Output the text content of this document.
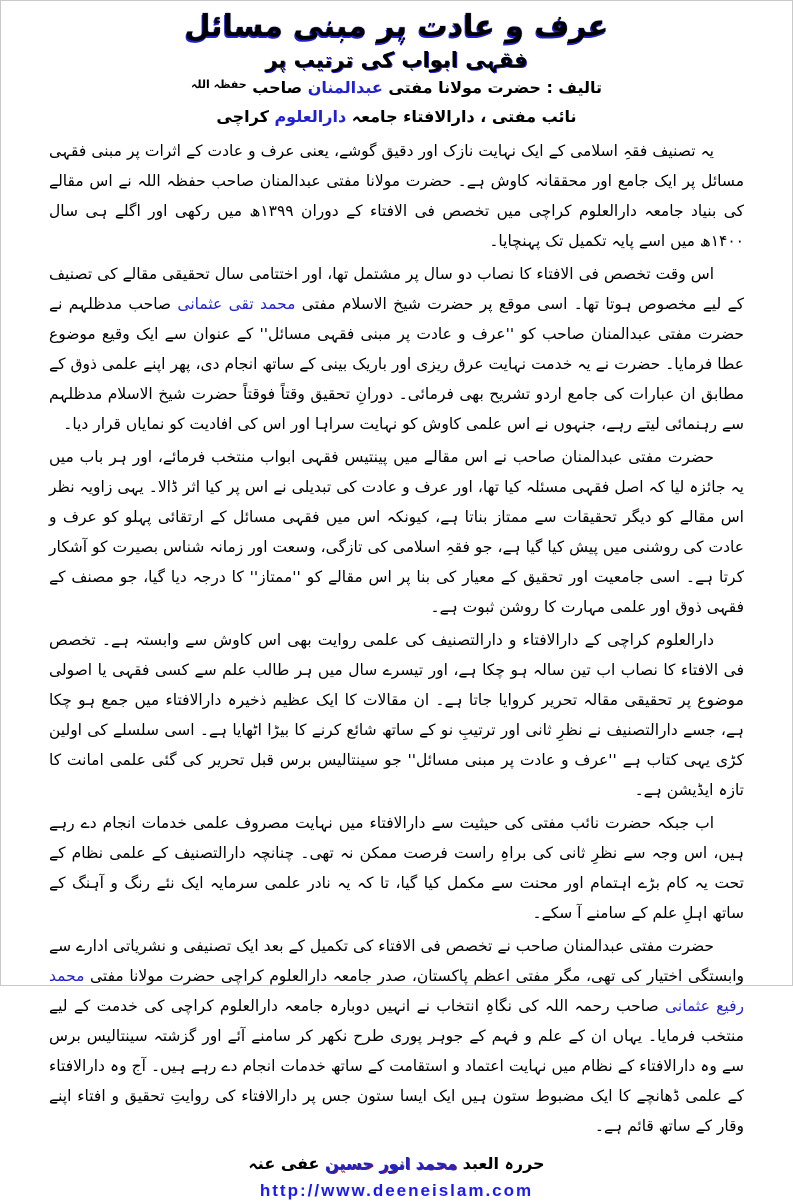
عرف و عادت پر مبنی مسائل
فقہی ابواب کی ترتیب پر
تالیف : حضرت مولانا مفتی عبدالمنان صاحب $^{حفظہ اللہ}$
نائب مفتی ، دارالافتاء جامعہ دارالعلوم کراچی

یہ تصنیف فقہِ اسلامی کے ایک نہایت نازک اور دقیق گوشے، یعنی عرف و عادت کے اثرات پر مبنی فقہی مسائل پر ایک جامع اور محققانہ کاوش ہے۔ حضرت مولانا مفتی عبدالمنان صاحب حفظہ اللہ نے اس مقالے کی بنیاد جامعہ دارالعلوم کراچی میں تخصص فی الافتاء کے دوران ۱۳۹۹ھ میں رکھی اور اگلے ہی سال ۱۴۰۰ھ میں اسے پایہ تکمیل تک پہنچایا۔

اس وقت تخصص فی الافتاء کا نصاب دو سال پر مشتمل تھا، اور اختتامی سال تحقیقی مقالے کی تصنیف کے لیے مخصوص ہوتا تھا۔ اسی موقع پر حضرت شیخ الاسلام مفتی محمد تقی عثمانی صاحب مدظلہم نے حضرت مفتی عبدالمنان صاحب کو ''عرف و عادت پر مبنی فقہی مسائل'' کے عنوان سے ایک وقیع موضوع عطا فرمایا۔ حضرت نے یہ خدمت نہایت عرق ریزی اور باریک بینی کے ساتھ انجام دی، پھر اپنے علمی ذوق کے مطابق ان عبارات کی جامع اردو تشریح بھی فرمائی۔ دورانِ تحقیق وقتاً فوقتاً حضرت شیخ الاسلام مدظلہم سے رہنمائی لیتے رہے، جنہوں نے اس علمی کاوش کو نہایت سراہا اور اس کی افادیت کو نمایاں قرار دیا۔

حضرت مفتی عبدالمنان صاحب نے اس مقالے میں پینتیس فقہی ابواب منتخب فرمائے، اور ہر باب میں یہ جائزہ لیا کہ اصل فقہی مسئلہ کیا تھا، اور عرف و عادت کی تبدیلی نے اس پر کیا اثر ڈالا۔ یہی زاویہ نظر اس مقالے کو دیگر تحقیقات سے ممتاز بناتا ہے، کیونکہ اس میں فقہی مسائل کے ارتقائی پہلو کو عرف و عادت کی روشنی میں پیش کیا گیا ہے، جو فقہِ اسلامی کی تازگی، وسعت اور زمانہ شناس بصیرت کو آشکار کرتا ہے۔ اسی جامعیت اور تحقیق کے معیار کی بنا پر اس مقالے کو ''ممتاز'' کا درجہ دیا گیا، جو مصنف کے فقہی ذوق اور علمی مہارت کا روشن ثبوت ہے۔

دارالعلوم کراچی کے دارالافتاء و دارالتصنیف کی علمی روایت بھی اس کاوش سے وابستہ ہے۔ تخصص فی الافتاء کا نصاب اب تین سالہ ہو چکا ہے، اور تیسرے سال میں ہر طالب علم سے کسی فقہی یا اصولی موضوع پر تحقیقی مقالہ تحریر کروایا جاتا ہے۔ ان مقالات کا ایک عظیم ذخیرہ دارالافتاء میں جمع ہو چکا ہے، جسے دارالتصنیف نے نظرِ ثانی اور ترتیبِ نو کے ساتھ شائع کرنے کا بیڑا اٹھایا ہے۔ اسی سلسلے کی اولین کڑی یہی کتاب ہے ''عرف و عادت پر مبنی مسائل'' جو سینتالیس برس قبل تحریر کی گئی علمی امانت کا تازہ ایڈیشن ہے۔

اب جبکہ حضرت نائب مفتی کی حیثیت سے دارالافتاء میں نہایت مصروف علمی خدمات انجام دے رہے ہیں، اس وجہ سے نظرِ ثانی کی براہِ راست فرصت ممکن نہ تھی۔ چنانچہ دارالتصنیف کے علمی نظام کے تحت یہ کام بڑے اہتمام اور محنت سے مکمل کیا گیا، تا کہ یہ نادر علمی سرمایہ ایک نئے رنگ و آہنگ کے ساتھ اہلِ علم کے سامنے آ سکے۔

حضرت مفتی عبدالمنان صاحب نے تخصص فی الافتاء کی تکمیل کے بعد ایک تصنیفی و نشریاتی ادارے سے وابستگی اختیار کی تھی، مگر مفتی اعظم پاکستان، صدر جامعہ دارالعلوم کراچی حضرت مولانا مفتی محمد رفیع عثمانی صاحب رحمہ اللہ کی نگاہِ انتخاب نے انہیں دوبارہ جامعہ دارالعلوم کراچی کی خدمت کے لیے منتخب فرمایا۔ یہاں ان کے علم و فہم کے جوہر پوری طرح نکھر کر سامنے آئے اور گزشتہ سینتالیس برس سے وہ دارالافتاء کے نظام میں نہایت اعتماد و استقامت کے ساتھ خدمات انجام دے رہے ہیں۔ آج وہ دارالافتاء کے علمی ڈھانچے کا ایک مضبوط ستون ہیں ایک ایسا ستون جس پر دارالافتاء کی روایتِ تحقیق و افتاء اپنے وقار کے ساتھ قائم ہے۔

حررہ العبد محمد انور حسین عفی عنہ
http://www.deeneislam.com
